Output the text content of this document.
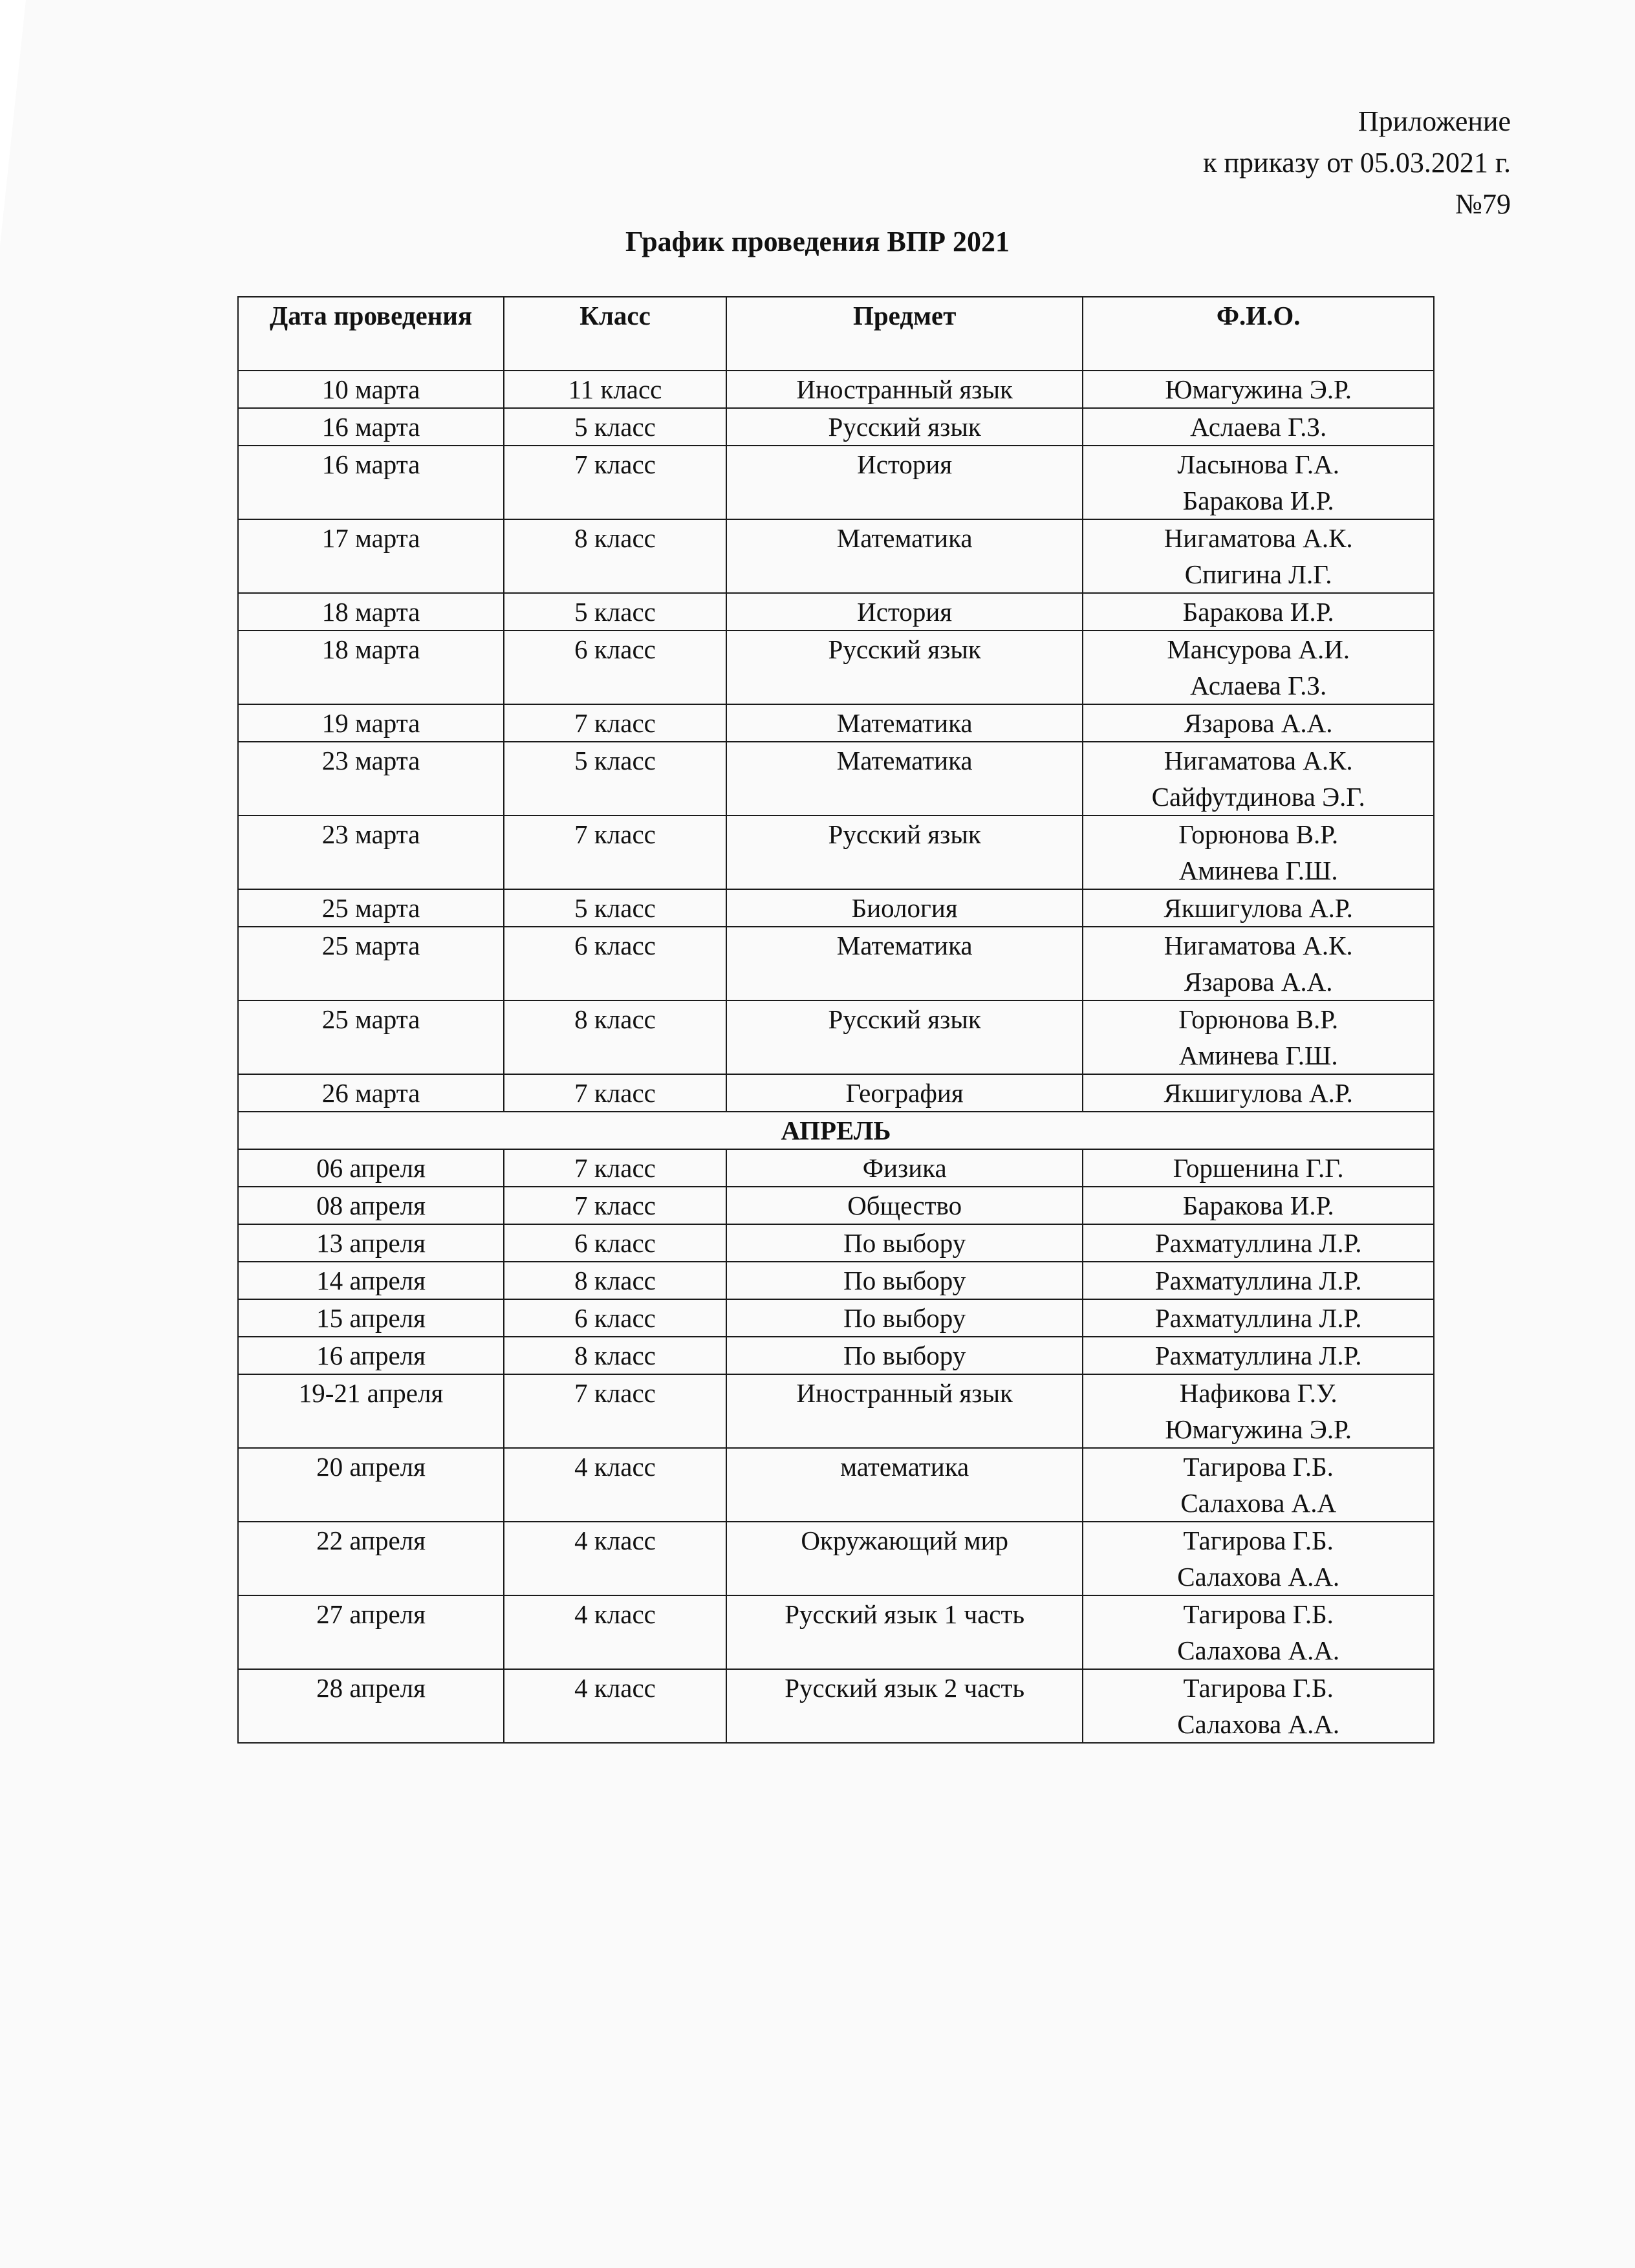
Приложение
к приказу от 05.03.2021 г.
№79
График проведения ВПР 2021
Дата проведения	Класс	Предмет	Ф.И.О.
10 марта	11 класс	Иностранный язык	Юмагужина Э.Р.

16 марта	5 класс	Русский язык	Аслаева Г.З.

16 марта	7 класс	История	Ласынова Г.А.
Баракова И.Р.

17 марта	8 класс	Математика	Нигаматова А.К.
Спигина Л.Г.

18 марта	5 класс	История	Баракова И.Р.

18 марта	6 класс	Русский язык	Мансурова А.И.
Аслаева Г.З.

19 марта	7 класс	Математика	Язарова А.А.

23 марта	5 класс	Математика	Нигаматова А.К.
Сайфутдинова Э.Г.

23 марта	7 класс	Русский язык	Горюнова В.Р.
Аминева Г.Ш.

25 марта	5 класс	Биология	Якшигулова А.Р.

25 марта	6 класс	Математика	Нигаматова А.К.
Язарова А.А.

25 марта	8 класс	Русский язык	Горюнова В.Р.
Аминева Г.Ш.

26 марта	7 класс	География	Якшигулова А.Р.

АПРЕЛЬ			
06 апреля	7 класс	Физика	Горшенина Г.Г.

08 апреля	7 класс	Общество	Баракова И.Р.

13 апреля	6 класс	По выбору	Рахматуллина Л.Р.

14 апреля	8 класс	По выбору	Рахматуллина Л.Р.

15 апреля	6 класс	По выбору	Рахматуллина Л.Р.

16 апреля	8 класс	По выбору	Рахматуллина Л.Р.

19-21 апреля	7 класс	Иностранный язык	Нафикова Г.У.
Юмагужина Э.Р.

20 апреля	4 класс	математика	Тагирова Г.Б.
Салахова А.А

22 апреля	4 класс	Окружающий мир	Тагирова Г.Б.
Салахова А.А.

27 апреля	4 класс	Русский язык 1 часть	Тагирова Г.Б.
Салахова А.А.

28 апреля	4 класс	Русский язык 2 часть	Тагирова Г.Б.
Салахова А.А.
